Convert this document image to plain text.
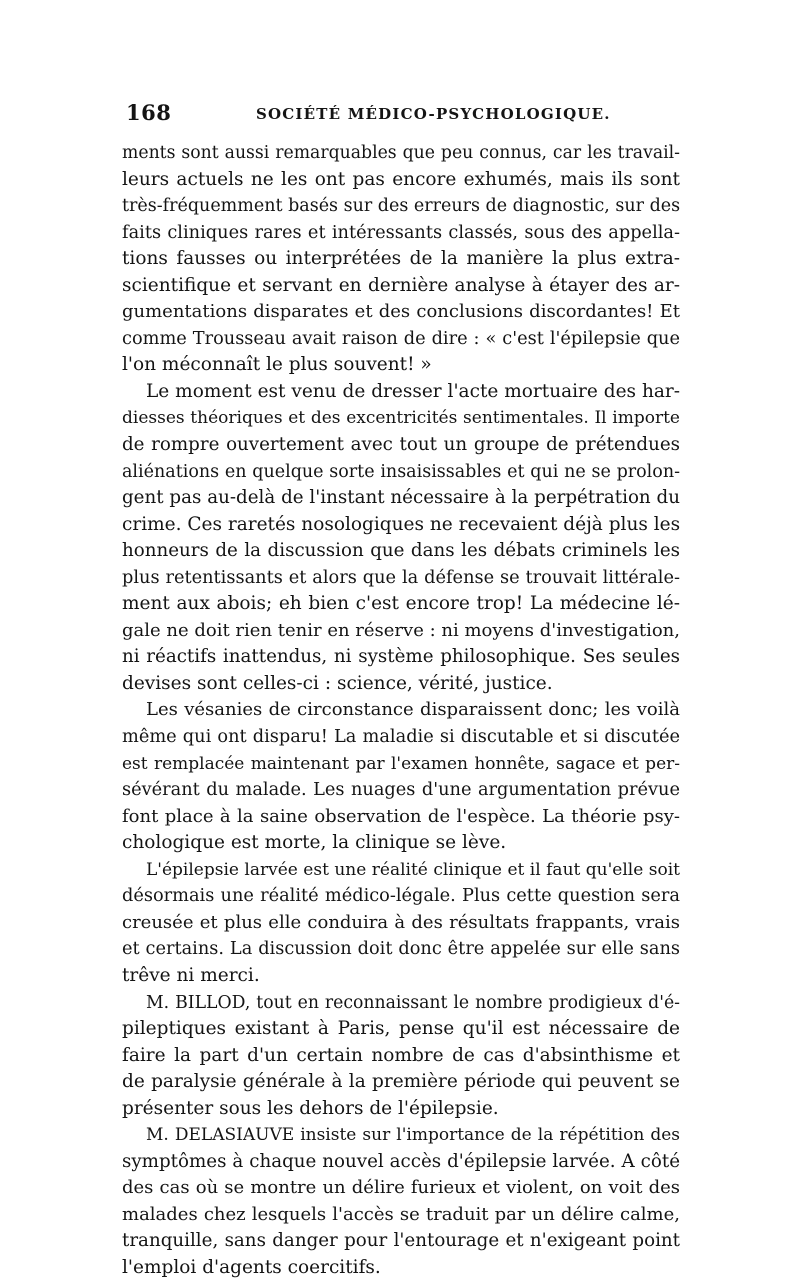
168	SOCIÉTÉ MÉDICO-PSYCHOLOGIQUE.
ments sont aussi remarquables que peu connus, car les travail-
leurs actuels ne les ont pas encore exhumés, mais ils sont
très-fréquemment basés sur des erreurs de diagnostic, sur des
faits cliniques rares et intéressants classés, sous des appella-
tions fausses ou interprétées de la manière la plus extra-
scientifique et servant en dernière analyse à étayer des ar-
gumentations disparates et des conclusions discordantes! Et
comme Trousseau avait raison de dire : « c'est l'épilepsie que
l'on méconnaît le plus souvent! »
Le moment est venu de dresser l'acte mortuaire des har-
diesses théoriques et des excentricités sentimentales. Il importe
de rompre ouvertement avec tout un groupe de prétendues
aliénations en quelque sorte insaisissables et qui ne se prolon-
gent pas au-delà de l'instant nécessaire à la perpétration du
crime. Ces raretés nosologiques ne recevaient déjà plus les
honneurs de la discussion que dans les débats criminels les
plus retentissants et alors que la défense se trouvait littérale-
ment aux abois; eh bien c'est encore trop! La médecine lé-
gale ne doit rien tenir en réserve : ni moyens d'investigation,
ni réactifs inattendus, ni système philosophique. Ses seules
devises sont celles-ci : science, vérité, justice.
Les vésanies de circonstance disparaissent donc; les voilà
même qui ont disparu! La maladie si discutable et si discutée
est remplacée maintenant par l'examen honnête, sagace et per-
sévérant du malade. Les nuages d'une argumentation prévue
font place à la saine observation de l'espèce. La théorie psy-
chologique est morte, la clinique se lève.
L'épilepsie larvée est une réalité clinique et il faut qu'elle soit
désormais une réalité médico-légale. Plus cette question sera
creusée et plus elle conduira à des résultats frappants, vrais
et certains. La discussion doit donc être appelée sur elle sans
trêve ni merci.
M. BILLOD, tout en reconnaissant le nombre prodigieux d'é-
pileptiques existant à Paris, pense qu'il est nécessaire de
faire la part d'un certain nombre de cas d'absinthisme et
de paralysie générale à la première période qui peuvent se
présenter sous les dehors de l'épilepsie.
M. DELASIAUVE insiste sur l'importance de la répétition des
symptômes à chaque nouvel accès d'épilepsie larvée. A côté
des cas où se montre un délire furieux et violent, on voit des
malades chez lesquels l'accès se traduit par un délire calme,
tranquille, sans danger pour l'entourage et n'exigeant point
l'emploi d'agents coercitifs.
